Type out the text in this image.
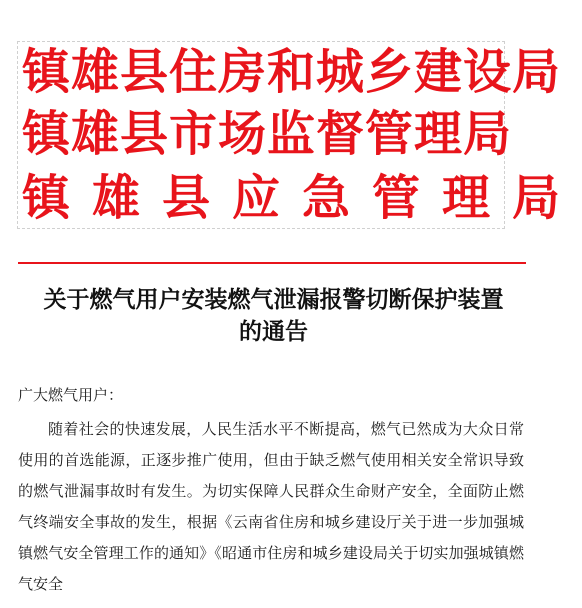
镇雄县住房和城乡建设局
镇雄县市场监督管理局
镇雄县应急管理局
关于燃气用户安装燃气泄漏报警切断保护装置
的通告
广大燃气用户：

随着社会的快速发展，人民生活水平不断提高，燃气已然成为大众日常使用的首选能源，正逐步推广使用，但由于缺乏燃气使用相关安全常识导致的燃气泄漏事故时有发生。为切实保障人民群众生命财产安全，全面防止燃气终端安全事故的发生，根据《云南省住房和城乡建设厅关于进一步加强城镇燃气安全管理工作的通知》《昭通市住房和城乡建设局关于切实加强城镇燃气安全
